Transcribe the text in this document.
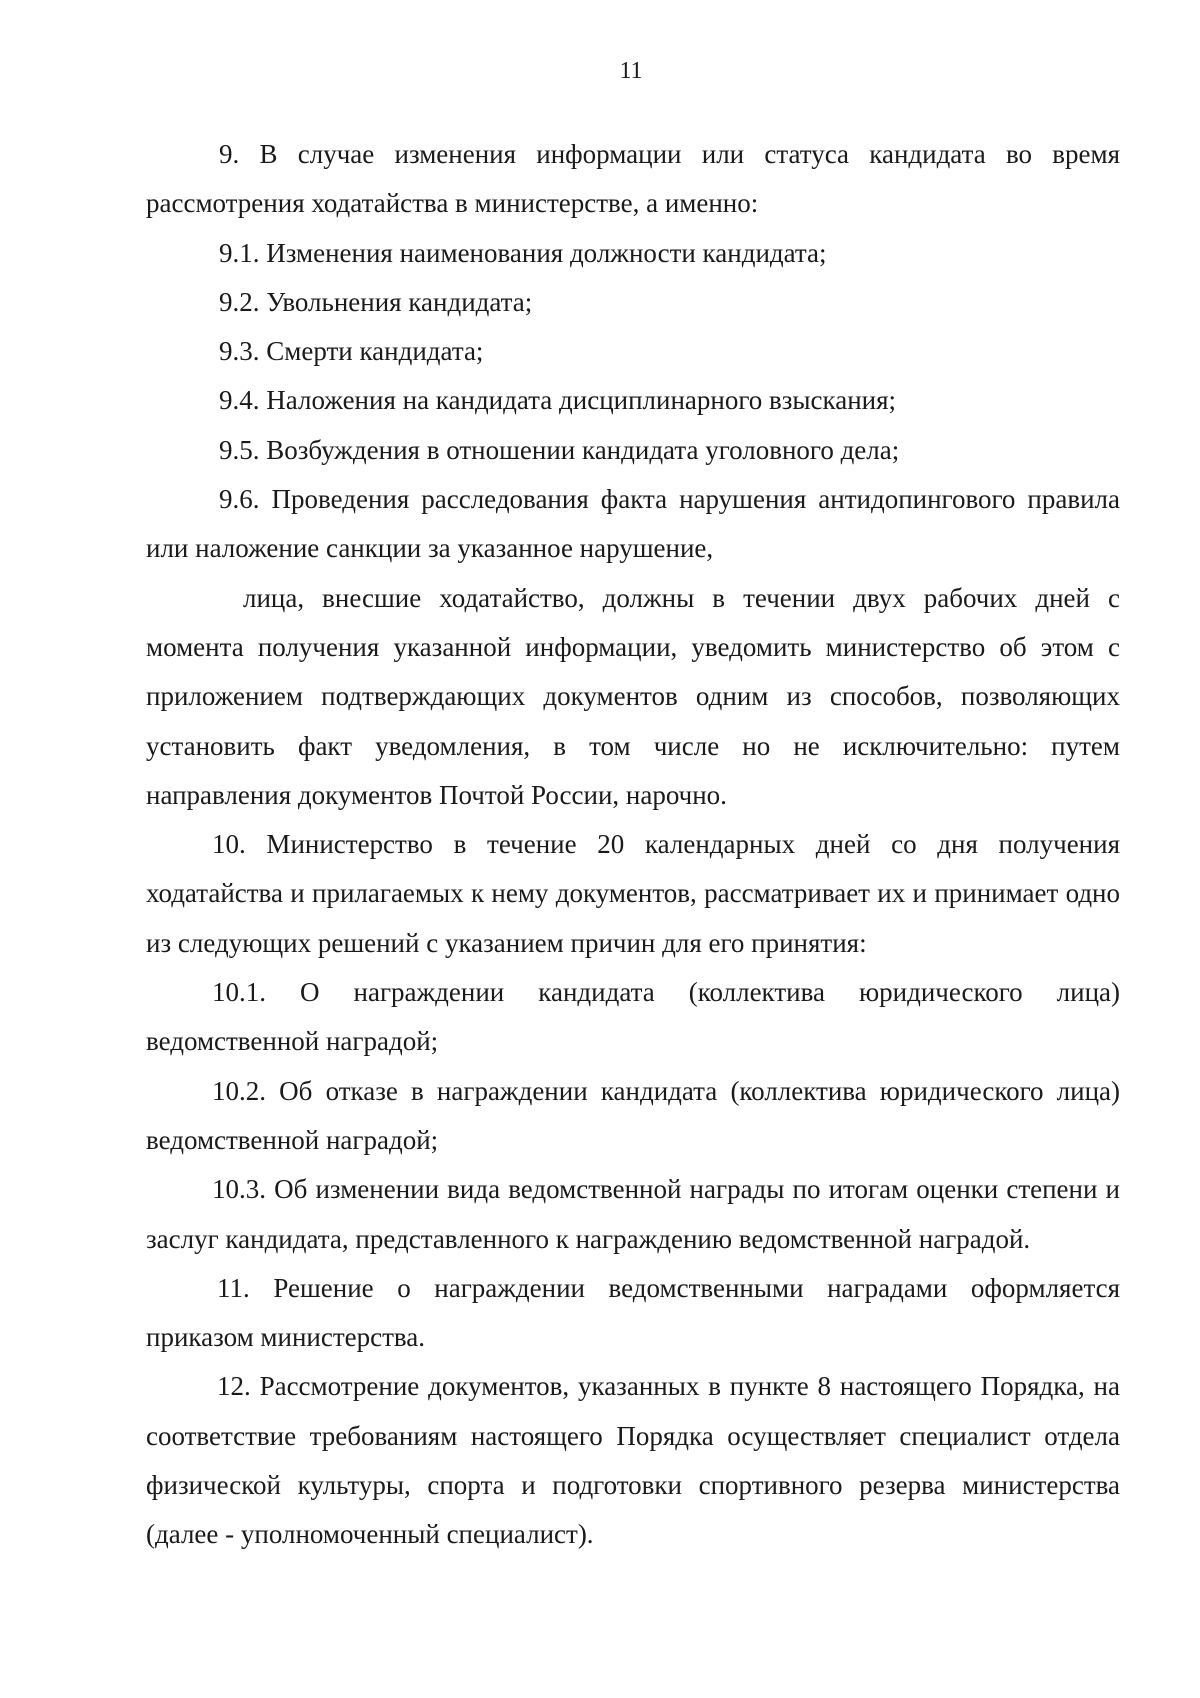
11

9. В случае изменения информации или статуса кандидата во время рассмотрения ходатайства в министерстве, а именно:

9.1. Изменения наименования должности кандидата;

9.2. Увольнения кандидата;

9.3. Смерти кандидата;

9.4. Наложения на кандидата дисциплинарного взыскания;

9.5. Возбуждения в отношении кандидата уголовного дела;

9.6. Проведения расследования факта нарушения антидопингового правила или наложение санкции за указанное нарушение,

лица, внесшие ходатайство, должны в течении двух рабочих дней с момента получения указанной информации, уведомить министерство об этом с приложением подтверждающих документов одним из способов, позволяющих установить факт уведомления, в том числе но не исключительно: путем направления документов Почтой России, нарочно.

10. Министерство в течение 20 календарных дней со дня получения ходатайства и прилагаемых к нему документов, рассматривает их и принимает одно из следующих решений с указанием причин для его принятия:

10.1. О награждении кандидата (коллектива юридического лица) ведомственной наградой;

10.2. Об отказе в награждении кандидата (коллектива юридического лица) ведомственной наградой;

10.3. Об изменении вида ведомственной награды по итогам оценки степени и заслуг кандидата, представленного к награждению ведомственной наградой.

11. Решение о награждении ведомственными наградами оформляется приказом министерства.

12. Рассмотрение документов, указанных в пункте 8 настоящего Порядка, на соответствие требованиям настоящего Порядка осуществляет специалист отдела физической культуры, спорта и подготовки спортивного резерва министерства (далее - уполномоченный специалист).
